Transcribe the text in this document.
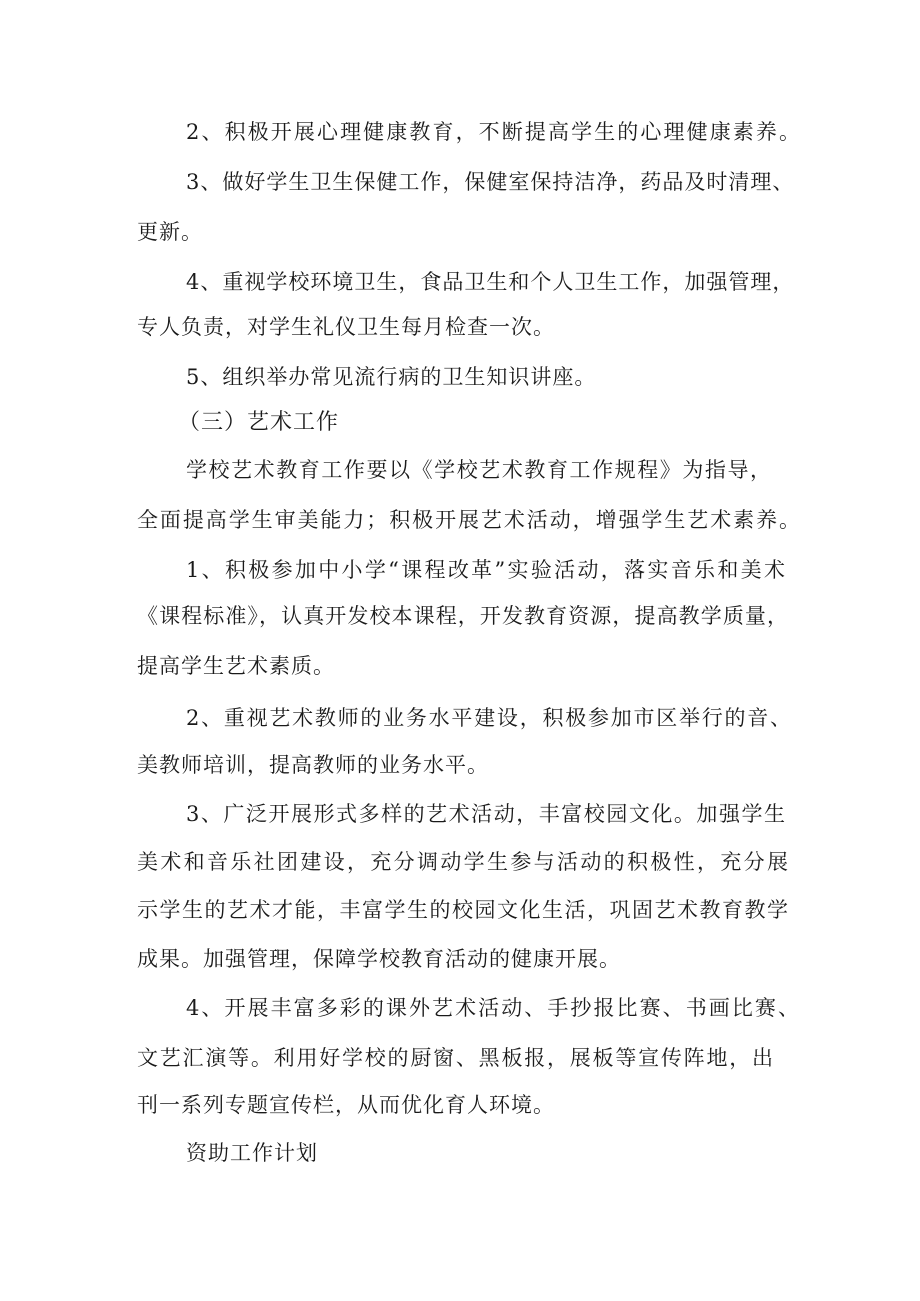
2、积极开展心理健康教育，不断提高学生的心理健康素养。
3、做好学生卫生保健工作，保健室保持洁净，药品及时清理、
更新。
4、重视学校环境卫生，食品卫生和个人卫生工作，加强管理，
专人负责，对学生礼仪卫生每月检查一次。
5、组织举办常见流行病的卫生知识讲座。
（三）艺术工作
学校艺术教育工作要以《学校艺术教育工作规程》为指导，
全面提高学生审美能力；积极开展艺术活动，增强学生艺术素养。
1、积极参加中小学“课程改革”实验活动，落实音乐和美术
《课程标准》，认真开发校本课程，开发教育资源，提高教学质量，
提高学生艺术素质。
2、重视艺术教师的业务水平建设，积极参加市区举行的音、
美教师培训，提高教师的业务水平。
3、广泛开展形式多样的艺术活动，丰富校园文化。加强学生
美术和音乐社团建设，充分调动学生参与活动的积极性，充分展
示学生的艺术才能，丰富学生的校园文化生活，巩固艺术教育教学
成果。加强管理，保障学校教育活动的健康开展。
4、开展丰富多彩的课外艺术活动、手抄报比赛、书画比赛、
文艺汇演等。利用好学校的厨窗、黑板报，展板等宣传阵地，出
刊一系列专题宣传栏，从而优化育人环境。
资助工作计划
